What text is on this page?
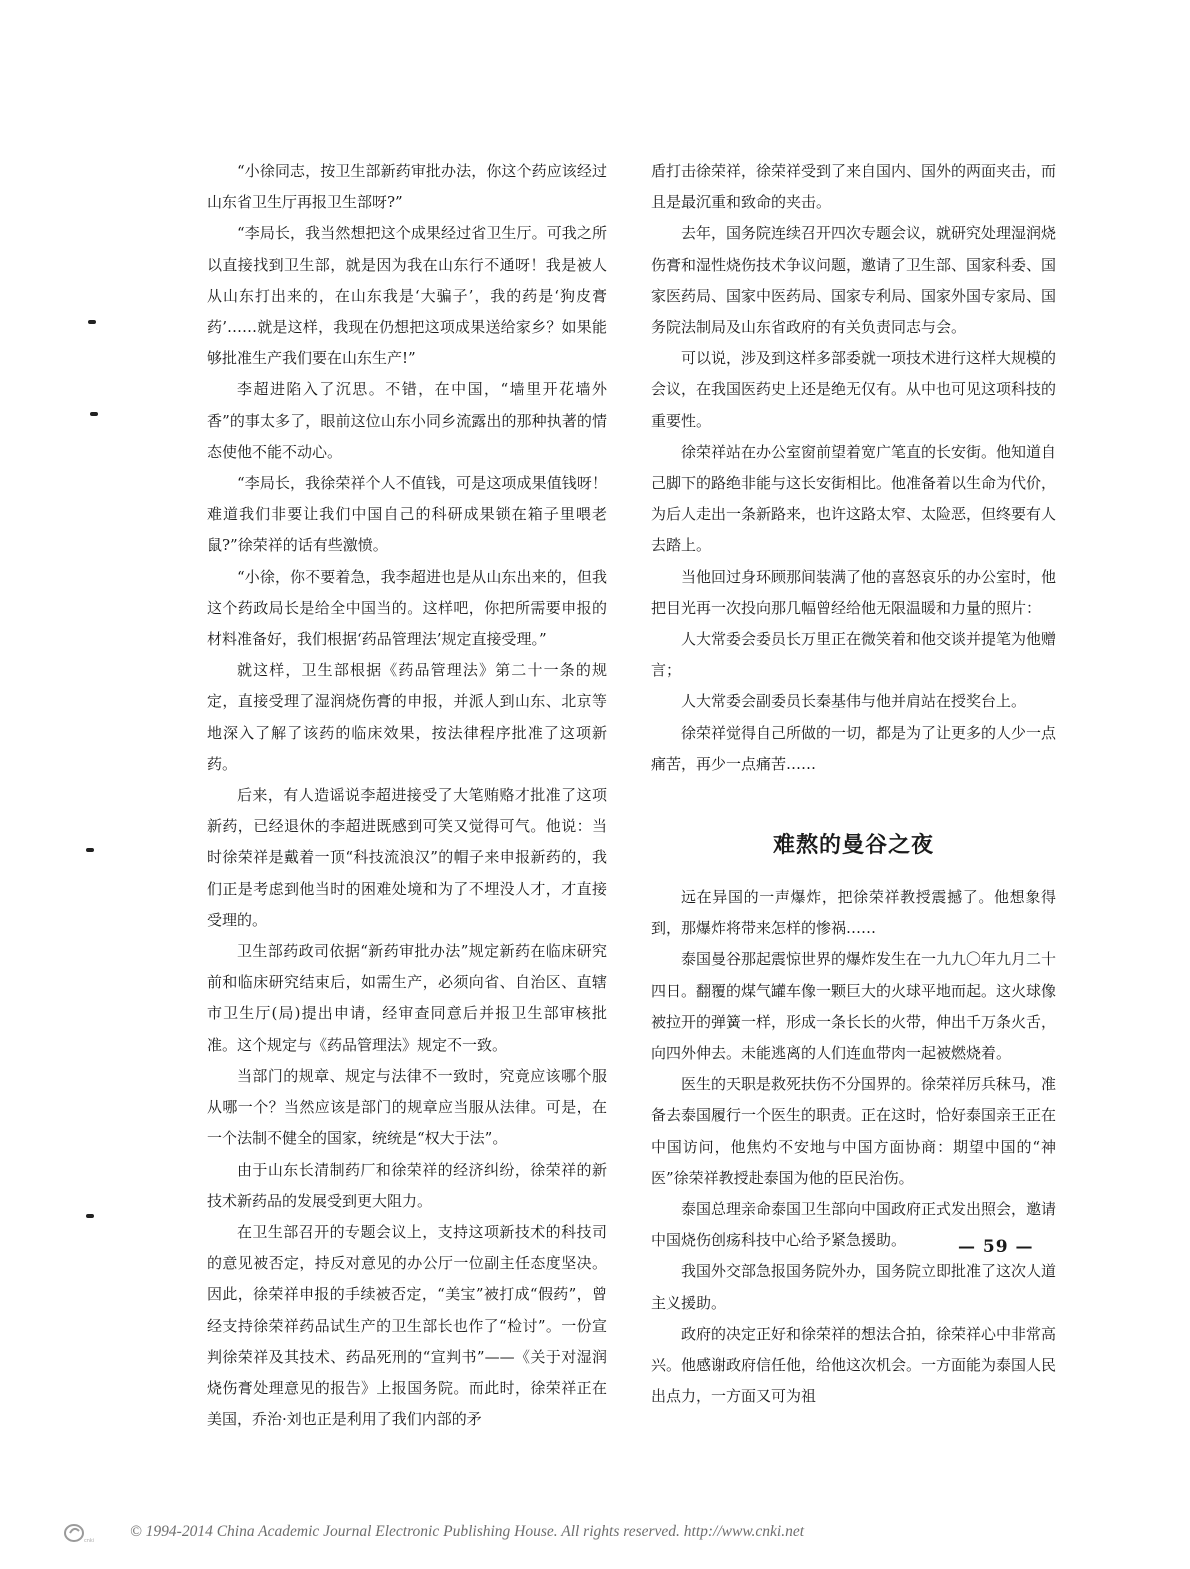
“小徐同志，按卫生部新药审批办法，你这个药应该经过山东省卫生厅再报卫生部呀?”

“李局长，我当然想把这个成果经过省卫生厅。可我之所以直接找到卫生部，就是因为我在山东行不通呀！我是被人从山东打出来的，在山东我是‘大骗子’，我的药是‘狗皮膏药’……就是这样，我现在仍想把这项成果送给家乡？如果能够批准生产我们要在山东生产!”

李超进陷入了沉思。不错，在中国，“墙里开花墙外香”的事太多了，眼前这位山东小同乡流露出的那种执著的情态使他不能不动心。

“李局长，我徐荣祥个人不值钱，可是这项成果值钱呀！难道我们非要让我们中国自己的科研成果锁在箱子里喂老鼠?”徐荣祥的话有些激愤。

“小徐，你不要着急，我李超进也是从山东出来的，但我这个药政局长是给全中国当的。这样吧，你把所需要申报的材料准备好，我们根据‘药品管理法’规定直接受理。”

就这样，卫生部根据《药品管理法》第二十一条的规定，直接受理了湿润烧伤膏的申报，并派人到山东、北京等地深入了解了该药的临床效果，按法律程序批准了这项新药。

后来，有人造谣说李超进接受了大笔贿赂才批准了这项新药，已经退休的李超进既感到可笑又觉得可气。他说：当时徐荣祥是戴着一顶“科技流浪汉”的帽子来申报新药的，我们正是考虑到他当时的困难处境和为了不埋没人才，才直接受理的。

卫生部药政司依据“新药审批办法”规定新药在临床研究前和临床研究结束后，如需生产，必须向省、自治区、直辖市卫生厅(局)提出申请，经审查同意后并报卫生部审核批准。这个规定与《药品管理法》规定不一致。

当部门的规章、规定与法律不一致时，究竟应该哪个服从哪一个？当然应该是部门的规章应当服从法律。可是，在一个法制不健全的国家，统统是“权大于法”。

由于山东长清制药厂和徐荣祥的经济纠纷，徐荣祥的新技术新药品的发展受到更大阻力。

在卫生部召开的专题会议上，支持这项新技术的科技司的意见被否定，持反对意见的办公厅一位副主任态度坚决。因此，徐荣祥申报的手续被否定，“美宝”被打成“假药”，曾经支持徐荣祥药品试生产的卫生部长也作了“检讨”。一份宣判徐荣祥及其技术、药品死刑的“宣判书”——《关于对湿润烧伤膏处理意见的报告》上报国务院。而此时，徐荣祥正在美国，乔治·刘也正是利用了我们内部的矛

盾打击徐荣祥，徐荣祥受到了来自国内、国外的两面夹击，而且是最沉重和致命的夹击。

去年，国务院连续召开四次专题会议，就研究处理湿润烧伤膏和湿性烧伤技术争议问题，邀请了卫生部、国家科委、国家医药局、国家中医药局、国家专利局、国家外国专家局、国务院法制局及山东省政府的有关负责同志与会。

可以说，涉及到这样多部委就一项技术进行这样大规模的会议，在我国医药史上还是绝无仅有。从中也可见这项科技的重要性。

徐荣祥站在办公室窗前望着宽广笔直的长安街。他知道自己脚下的路绝非能与这长安街相比。他准备着以生命为代价，为后人走出一条新路来，也许这路太窄、太险恶，但终要有人去踏上。

当他回过身环顾那间装满了他的喜怒哀乐的办公室时，他把目光再一次投向那几幅曾经给他无限温暖和力量的照片：

人大常委会委员长万里正在微笑着和他交谈并提笔为他赠言；

人大常委会副委员长秦基伟与他并肩站在授奖台上。

徐荣祥觉得自己所做的一切，都是为了让更多的人少一点痛苦，再少一点痛苦……

难熬的曼谷之夜

远在异国的一声爆炸，把徐荣祥教授震撼了。他想象得到，那爆炸将带来怎样的惨祸……

泰国曼谷那起震惊世界的爆炸发生在一九九〇年九月二十四日。翻覆的煤气罐车像一颗巨大的火球平地而起。这火球像被拉开的弹簧一样，形成一条长长的火带，伸出千万条火舌，向四外伸去。未能逃离的人们连血带肉一起被燃烧着。

医生的天职是救死扶伤不分国界的。徐荣祥厉兵秣马，准备去泰国履行一个医生的职责。正在这时，恰好泰国亲王正在中国访问，他焦灼不安地与中国方面协商：期望中国的“神医”徐荣祥教授赴泰国为他的臣民治伤。

泰国总理亲命泰国卫生部向中国政府正式发出照会，邀请中国烧伤创疡科技中心给予紧急援助。

我国外交部急报国务院外办，国务院立即批准了这次人道主义援助。

政府的决定正好和徐荣祥的想法合拍，徐荣祥心中非常高兴。他感谢政府信任他，给他这次机会。一方面能为泰国人民出点力，一方面又可为祖

— 59 —
cnki
© 1994-2014 China Academic Journal Electronic Publishing House. All rights reserved. http://www.cnki.net
